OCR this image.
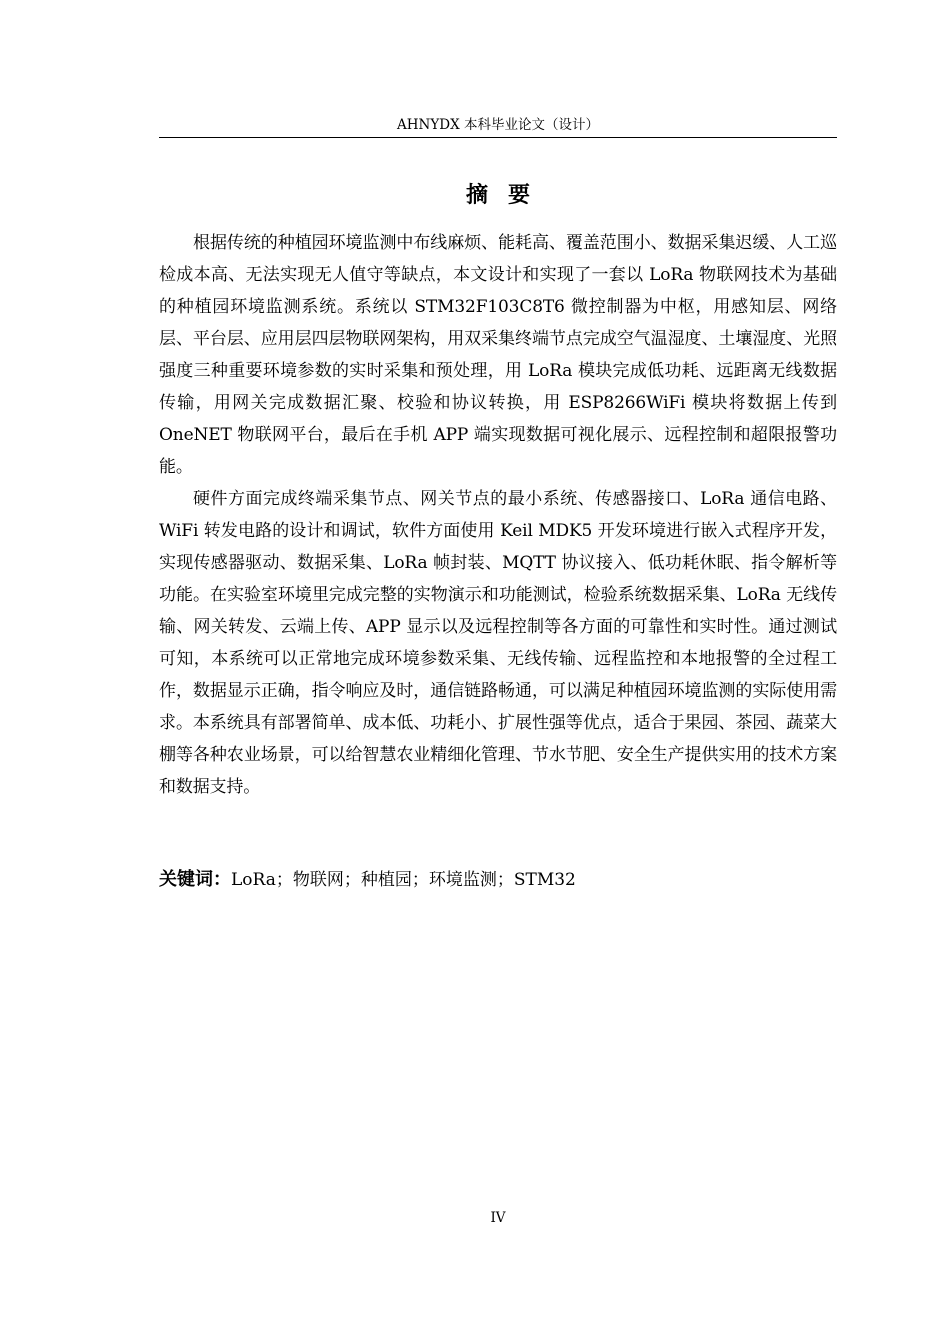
AHNYDX 本科毕业论文（设计）
摘 要

根据传统的种植园环境监测中布线麻烦、能耗高、覆盖范围小、数据采集迟缓、人工巡检成本高、无法实现无人值守等缺点，本文设计和实现了一套以 LoRa 物联网技术为基础的种植园环境监测系统。系统以 STM32F103C8T6 微控制器为中枢，用感知层、网络层、平台层、应用层四层物联网架构，用双采集终端节点完成空气温湿度、土壤湿度、光照强度三种重要环境参数的实时采集和预处理，用 LoRa 模块完成低功耗、远距离无线数据传输，用网关完成数据汇聚、校验和协议转换，用 ESP8266WiFi 模块将数据上传到 OneNET 物联网平台，最后在手机 APP 端实现数据可视化展示、远程控制和超限报警功能。

硬件方面完成终端采集节点、网关节点的最小系统、传感器接口、LoRa 通信电路、WiFi 转发电路的设计和调试，软件方面使用 Keil MDK5 开发环境进行嵌入式程序开发，实现传感器驱动、数据采集、LoRa 帧封装、MQTT 协议接入、低功耗休眠、指令解析等功能。在实验室环境里完成完整的实物演示和功能测试，检验系统数据采集、LoRa 无线传输、网关转发、云端上传、APP 显示以及远程控制等各方面的可靠性和实时性。通过测试可知，本系统可以正常地完成环境参数采集、无线传输、远程监控和本地报警的全过程工作，数据显示正确，指令响应及时，通信链路畅通，可以满足种植园环境监测的实际使用需求。本系统具有部署简单、成本低、功耗小、扩展性强等优点，适合于果园、茶园、蔬菜大棚等各种农业场景，可以给智慧农业精细化管理、节水节肥、安全生产提供实用的技术方案和数据支持。

关键词：LoRa；物联网；种植园；环境监测；STM32
IV
